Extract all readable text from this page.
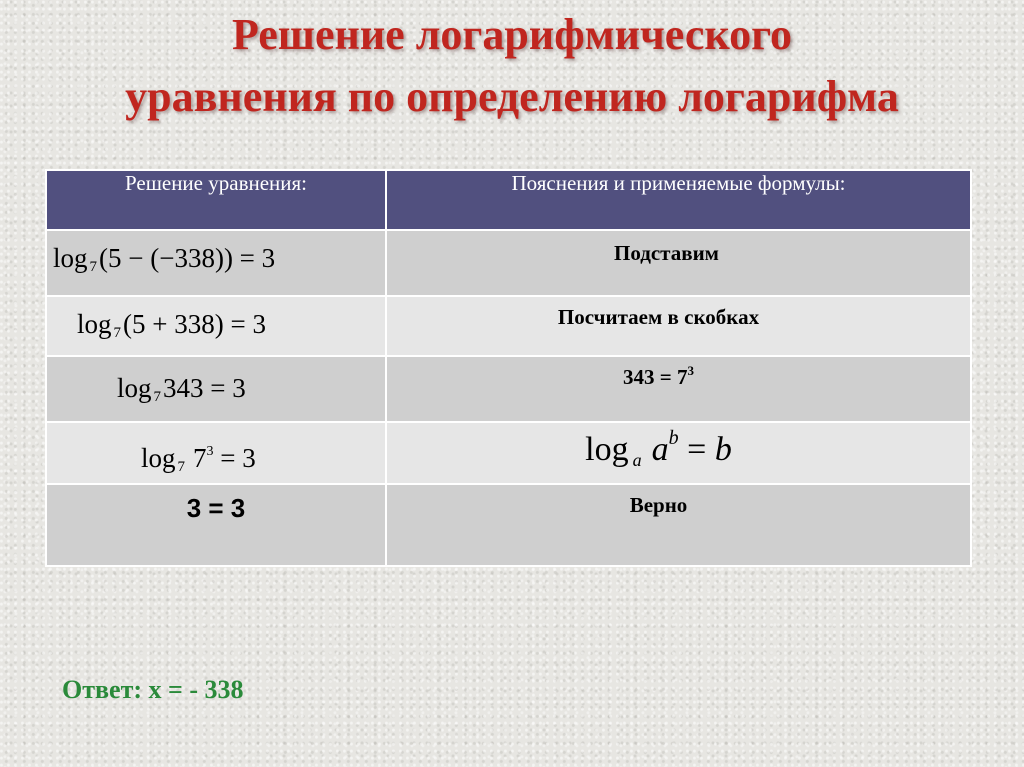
Решение логарифмического
уравнения по определению логарифма
Решение уравнения:	Пояснения и применяемые формулы:

log $_7$(5 − (−338)) = 3	Подставим

log $_7$(5 + 338) = 3	Посчитаем в скобках

log $_7$343 = 3	$343 = 7^3$

log $_7$ $7^3 = 3$	log $_a$ $a^b = b$

3 = 3	Верно
Ответ: x = - 338
